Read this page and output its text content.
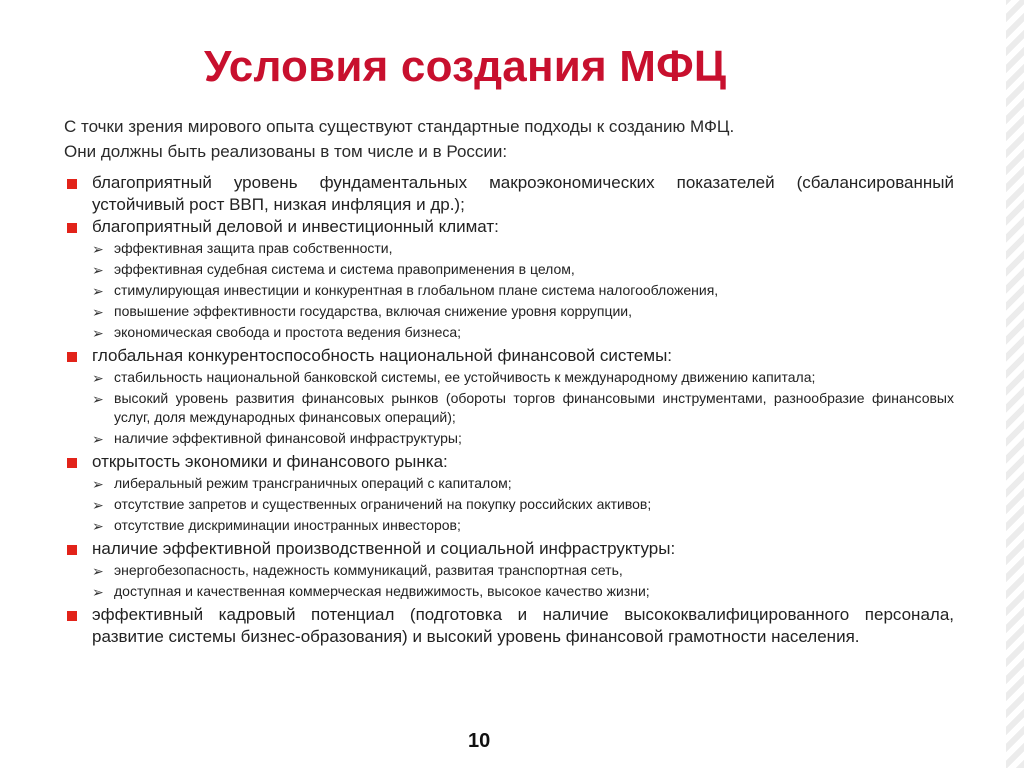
Условия создания МФЦ
С точки зрения мирового опыта существуют стандартные подходы к созданию МФЦ.
Они должны быть реализованы в том числе и в России:
благоприятный уровень фундаментальных макроэкономических показателей (сбалансированный устойчивый рост ВВП, низкая инфляция и др.);
благоприятный деловой и инвестиционный климат:
➢ эффективная защита прав собственности,
➢ эффективная судебная система и система правоприменения в целом,
➢ стимулирующая инвестиции и конкурентная в глобальном плане система налогообложения,
➢ повышение эффективности государства, включая снижение уровня коррупции,
➢ экономическая свобода и простота ведения бизнеса;
глобальная конкурентоспособность национальной финансовой системы:
➢ стабильность национальной банковской системы, ее устойчивость к международному движению капитала;
➢ высокий уровень развития финансовых рынков (обороты торгов финансовыми инструментами, разнообразие финансовых услуг, доля международных финансовых операций);
➢ наличие эффективной финансовой инфраструктуры;
открытость экономики и финансового рынка:
➢ либеральный режим трансграничных операций с капиталом;
➢ отсутствие запретов и существенных ограничений на покупку российских активов;
➢ отсутствие дискриминации иностранных инвесторов;
наличие эффективной производственной и социальной инфраструктуры:
➢ энергобезопасность, надежность коммуникаций, развитая транспортная сеть,
➢ доступная и качественная коммерческая недвижимость, высокое качество жизни;
эффективный кадровый потенциал (подготовка и наличие высококвалифицированного персонала, развитие системы бизнес-образования) и высокий уровень финансовой грамотности населения.
10
